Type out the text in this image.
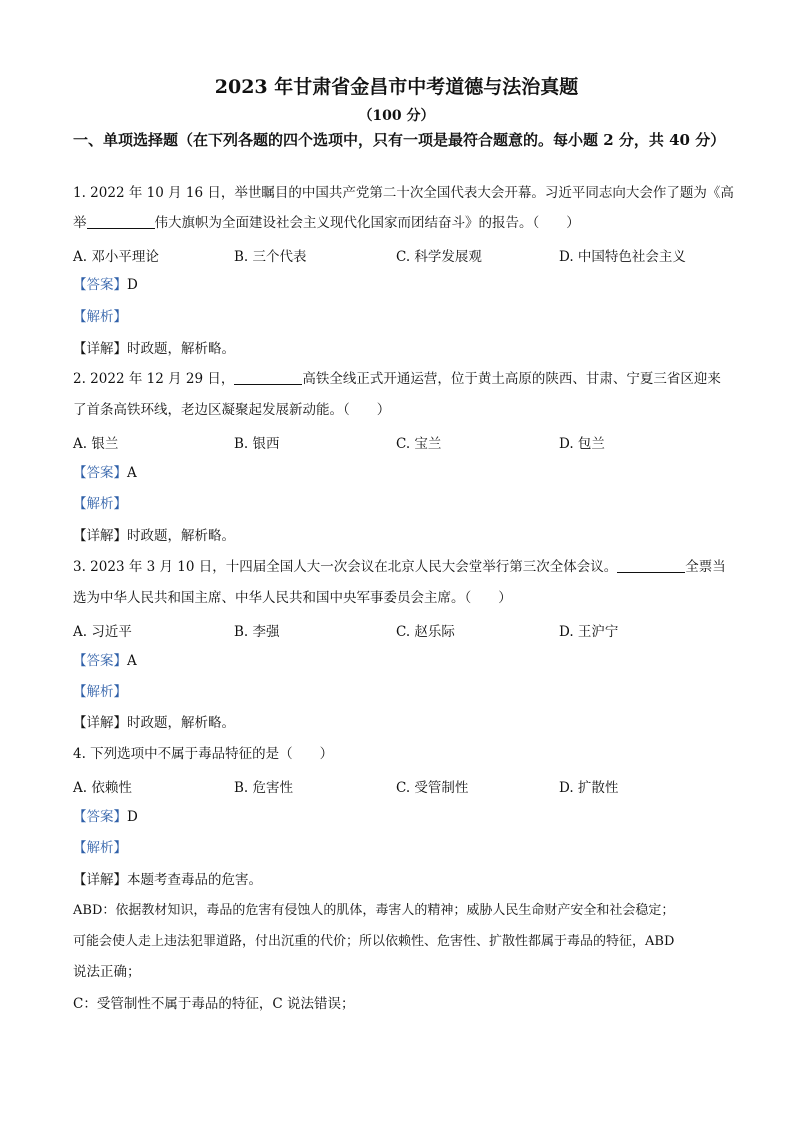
2023 年甘肃省金昌市中考道德与法治真题
（100 分）
一、单项选择题（在下列各题的四个选项中，只有一项是最符合题意的。每小题 2 分，共 40 分）
1. 2022 年 10 月 16 日，举世瞩目的中国共产党第二十次全国代表大会开幕。习近平同志向大会作了题为《高
举	伟大旗帜为全面建设社会主义现代化国家而团结奋斗》的报告。（　　）
A. 邓小平理论	B. 三个代表	C. 科学发展观	D. 中国特色社会主义
【答案】D
【解析】
【详解】时政题，解析略。
2. 2022 年 12 月 29 日，	高铁全线正式开通运营，位于黄土高原的陕西、甘肃、宁夏三省区迎来
了首条高铁环线，老边区凝聚起发展新动能。（　　）
A. 银兰	B. 银西	C. 宝兰	D. 包兰
【答案】A
【解析】
【详解】时政题，解析略。
3. 2023 年 3 月 10 日，十四届全国人大一次会议在北京人民大会堂举行第三次全体会议。	全票当
选为中华人民共和国主席、中华人民共和国中央军事委员会主席。（　　）
A. 习近平	B. 李强	C. 赵乐际	D. 王沪宁
【答案】A
【解析】
【详解】时政题，解析略。
4. 下列选项中不属于毒品特征的是（　　）
A. 依赖性	B. 危害性	C. 受管制性	D. 扩散性
【答案】D
【解析】
【详解】本题考查毒品的危害。
ABD：依据教材知识，毒品的危害有侵蚀人的肌体，毒害人的精神；威胁人民生命财产安全和社会稳定；
可能会使人走上违法犯罪道路，付出沉重的代价；所以依赖性、危害性、扩散性都属于毒品的特征，ABD
说法正确；
C：受管制性不属于毒品的特征，C 说法错误；
